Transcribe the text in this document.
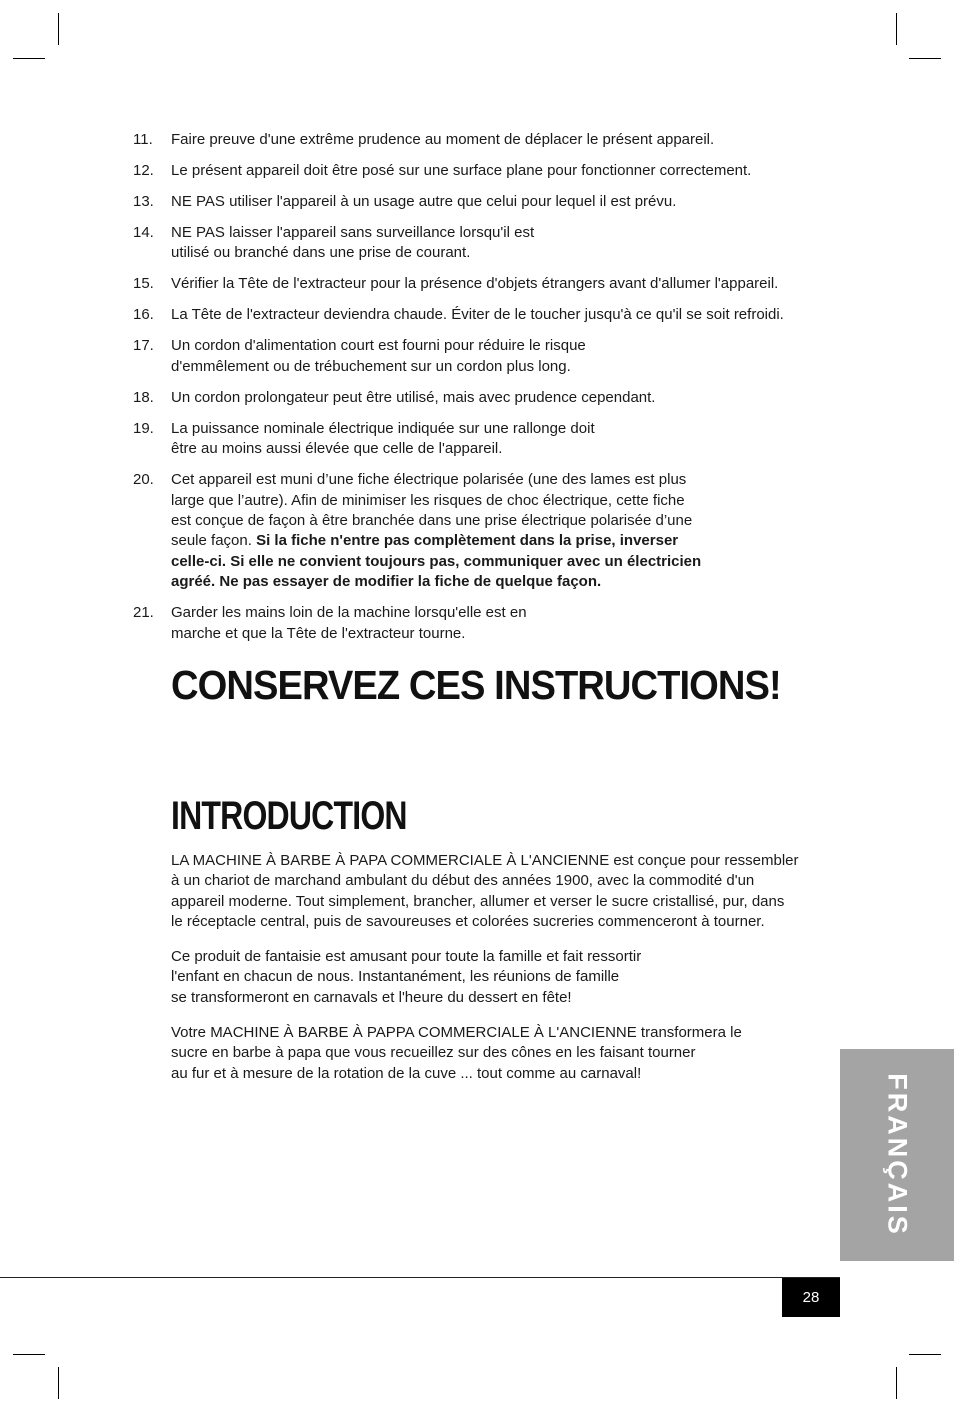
11.	Faire preuve d'une extrême prudence au moment de déplacer le présent appareil.
12.	Le présent appareil doit être posé sur une surface plane pour fonctionner correctement.
13.	NE PAS utiliser l'appareil à un usage autre que celui pour lequel il est prévu.
14.	NE PAS laisser l'appareil sans surveillance lorsqu'il est
utilisé ou branché dans une prise de courant.
15.	Vérifier la Tête de l'extracteur pour la présence d'objets étrangers avant d'allumer l'appareil.
16.	La Tête de l'extracteur deviendra chaude. Éviter de le toucher jusqu'à ce qu'il se soit refroidi.
17.	Un cordon d'alimentation court est fourni pour réduire le risque
d'emmêlement ou de trébuchement sur un cordon plus long.
18.	Un cordon prolongateur peut être utilisé, mais avec prudence cependant.
19.	La puissance nominale électrique indiquée sur une rallonge doit
être au moins aussi élevée que celle de l'appareil.
20.	Cet appareil est muni d’une fiche électrique polarisée (une des lames est plus
large que l’autre). Afin de minimiser les risques de choc électrique, cette fiche
est conçue de façon à être branchée dans une prise électrique polarisée d’une
seule façon. Si la fiche n'entre pas complètement dans la prise, inverser
celle-ci. Si elle ne convient toujours pas, communiquer avec un électricien
agréé. Ne pas essayer de modifier la fiche de quelque façon.
21.	Garder les mains loin de la machine lorsqu'elle est en
marche et que la Tête de l'extracteur tourne.
CONSERVEZ CES INSTRUCTIONS!
INTRODUCTION

LA MACHINE À BARBE À PAPA COMMERCIALE À L'ANCIENNE est conçue pour ressembler
à un chariot de marchand ambulant du début des années 1900, avec la commodité d'un
appareil moderne. Tout simplement, brancher, allumer et verser le sucre cristallisé, pur, dans
le réceptacle central, puis de savoureuses et colorées sucreries commenceront à tourner.

Ce produit de fantaisie est amusant pour toute la famille et fait ressortir
l'enfant en chacun de nous. Instantanément, les réunions de famille
se transformeront en carnavals et l'heure du dessert en fête!

Votre MACHINE À BARBE À PAPPA COMMERCIALE À L'ANCIENNE transformera le
sucre en barbe à papa que vous recueillez sur des cônes en les faisant tourner
au fur et à mesure de la rotation de la cuve ... tout comme au carnaval!	FRANÇAIS
28
